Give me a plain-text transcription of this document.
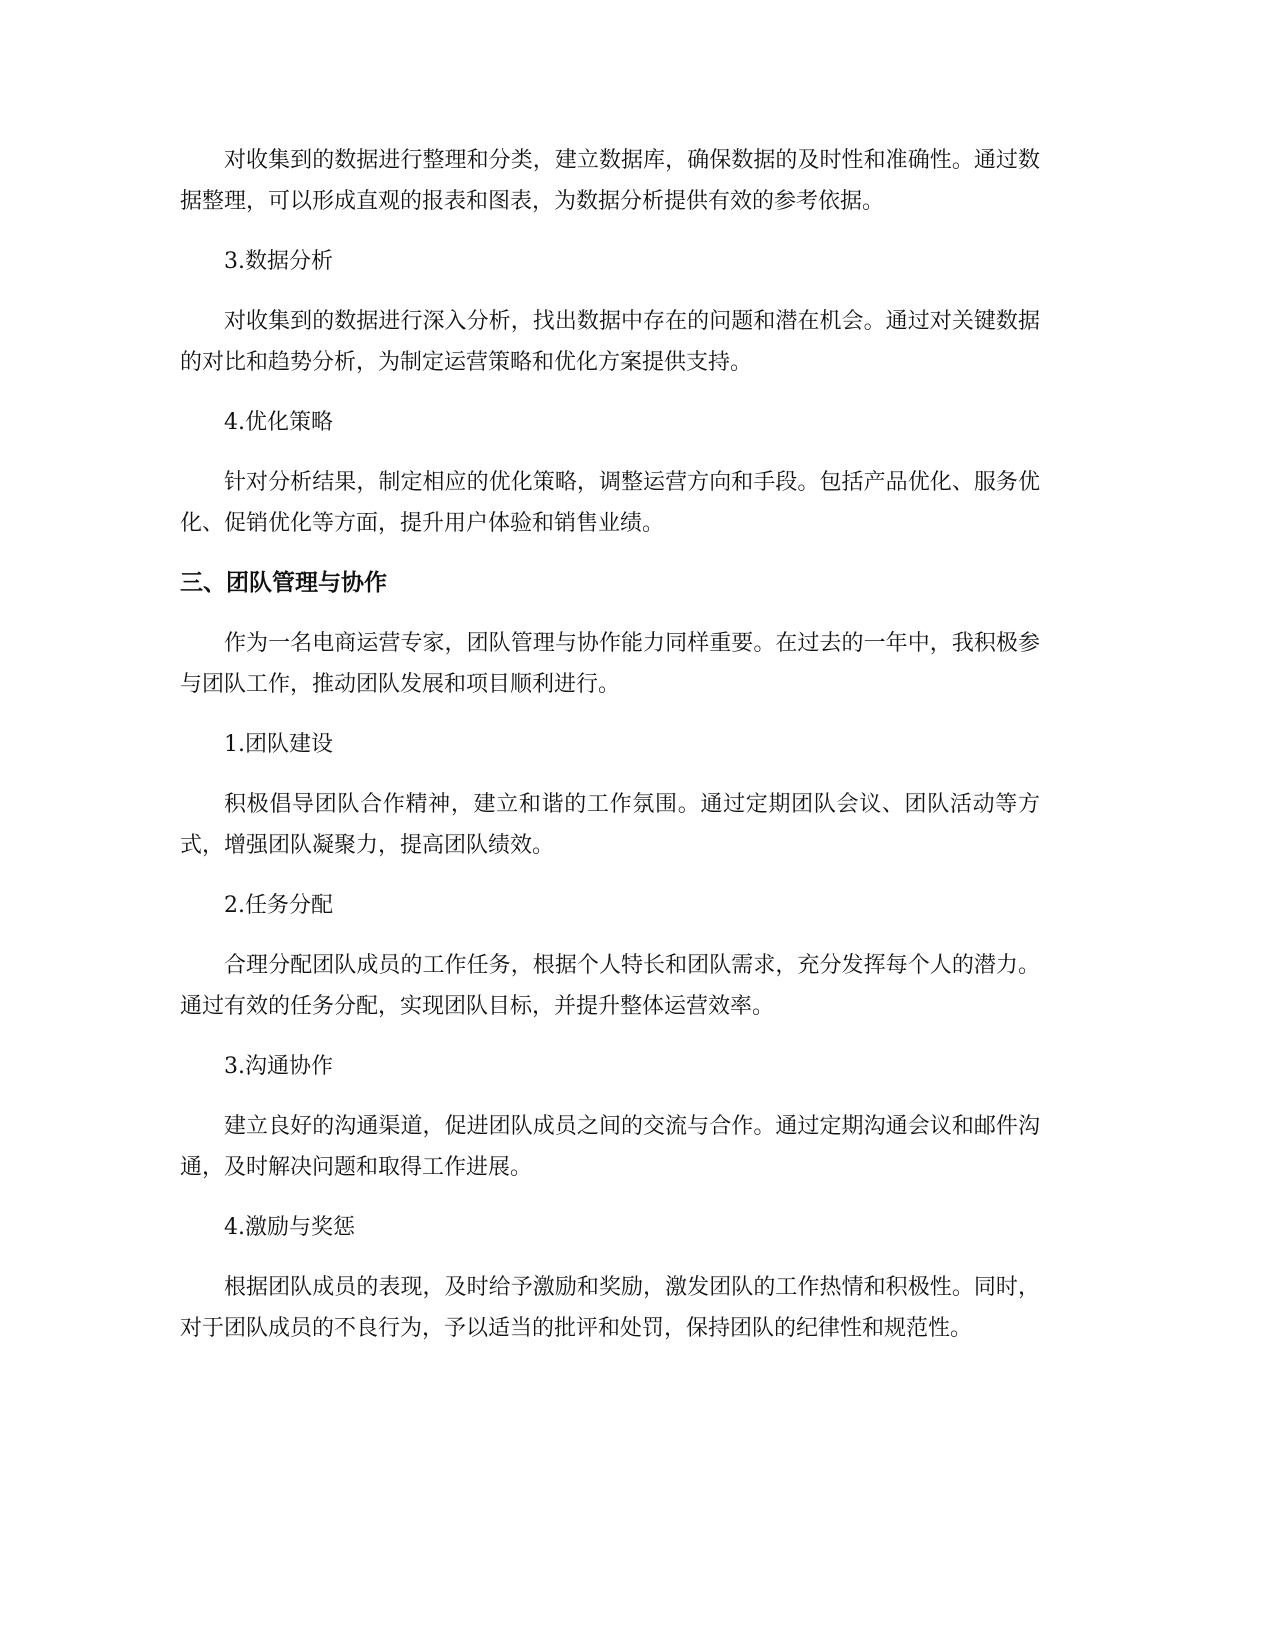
对收集到的数据进行整理和分类，建立数据库，确保数据的及时性和准确性。通过数据整理，可以形成直观的报表和图表，为数据分析提供有效的参考依据。

3.数据分析

对收集到的数据进行深入分析，找出数据中存在的问题和潜在机会。通过对关键数据的对比和趋势分析，为制定运营策略和优化方案提供支持。

4.优化策略

针对分析结果，制定相应的优化策略，调整运营方向和手段。包括产品优化、服务优化、促销优化等方面，提升用户体验和销售业绩。

三、团队管理与协作

作为一名电商运营专家，团队管理与协作能力同样重要。在过去的一年中，我积极参与团队工作，推动团队发展和项目顺利进行。

1.团队建设

积极倡导团队合作精神，建立和谐的工作氛围。通过定期团队会议、团队活动等方式，增强团队凝聚力，提高团队绩效。

2.任务分配

合理分配团队成员的工作任务，根据个人特长和团队需求，充分发挥每个人的潜力。通过有效的任务分配，实现团队目标，并提升整体运营效率。

3.沟通协作

建立良好的沟通渠道，促进团队成员之间的交流与合作。通过定期沟通会议和邮件沟通，及时解决问题和取得工作进展。

4.激励与奖惩

根据团队成员的表现，及时给予激励和奖励，激发团队的工作热情和积极性。同时，对于团队成员的不良行为，予以适当的批评和处罚，保持团队的纪律性和规范性。
